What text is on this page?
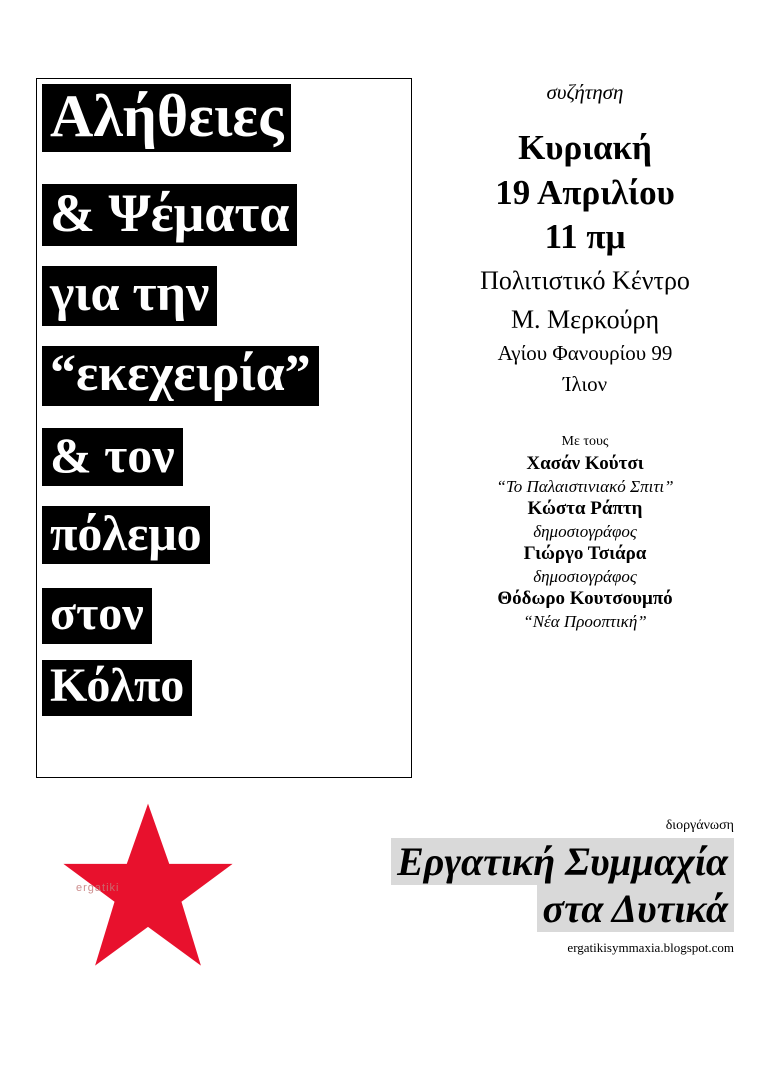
Αλήθειες
& Ψέματα
για την
“εκεχειρία”
& τον
πόλεμο
στον
Κόλπο
συζήτηση
Κυριακή
19 Απριλίου
11 πμ
Πολιτιστικό Κέντρο
Μ. Μερκούρη
Αγίου Φανουρίου 99
Ίλιον
Με τους
Χασάν Κούτσι
“Το Παλαιστινιακό Σπιτι”
Κώστα Ράπτη
δημοσιογράφος
Γιώργο Τσιάρα
δημοσιογράφος
Θόδωρο Κουτσουμπό
“Νέα Προοπτική”
ergatiki
διοργάνωση
Εργατική Συμμαχία
στα Δυτικά
ergatikisymmaxia.blogspot.com
